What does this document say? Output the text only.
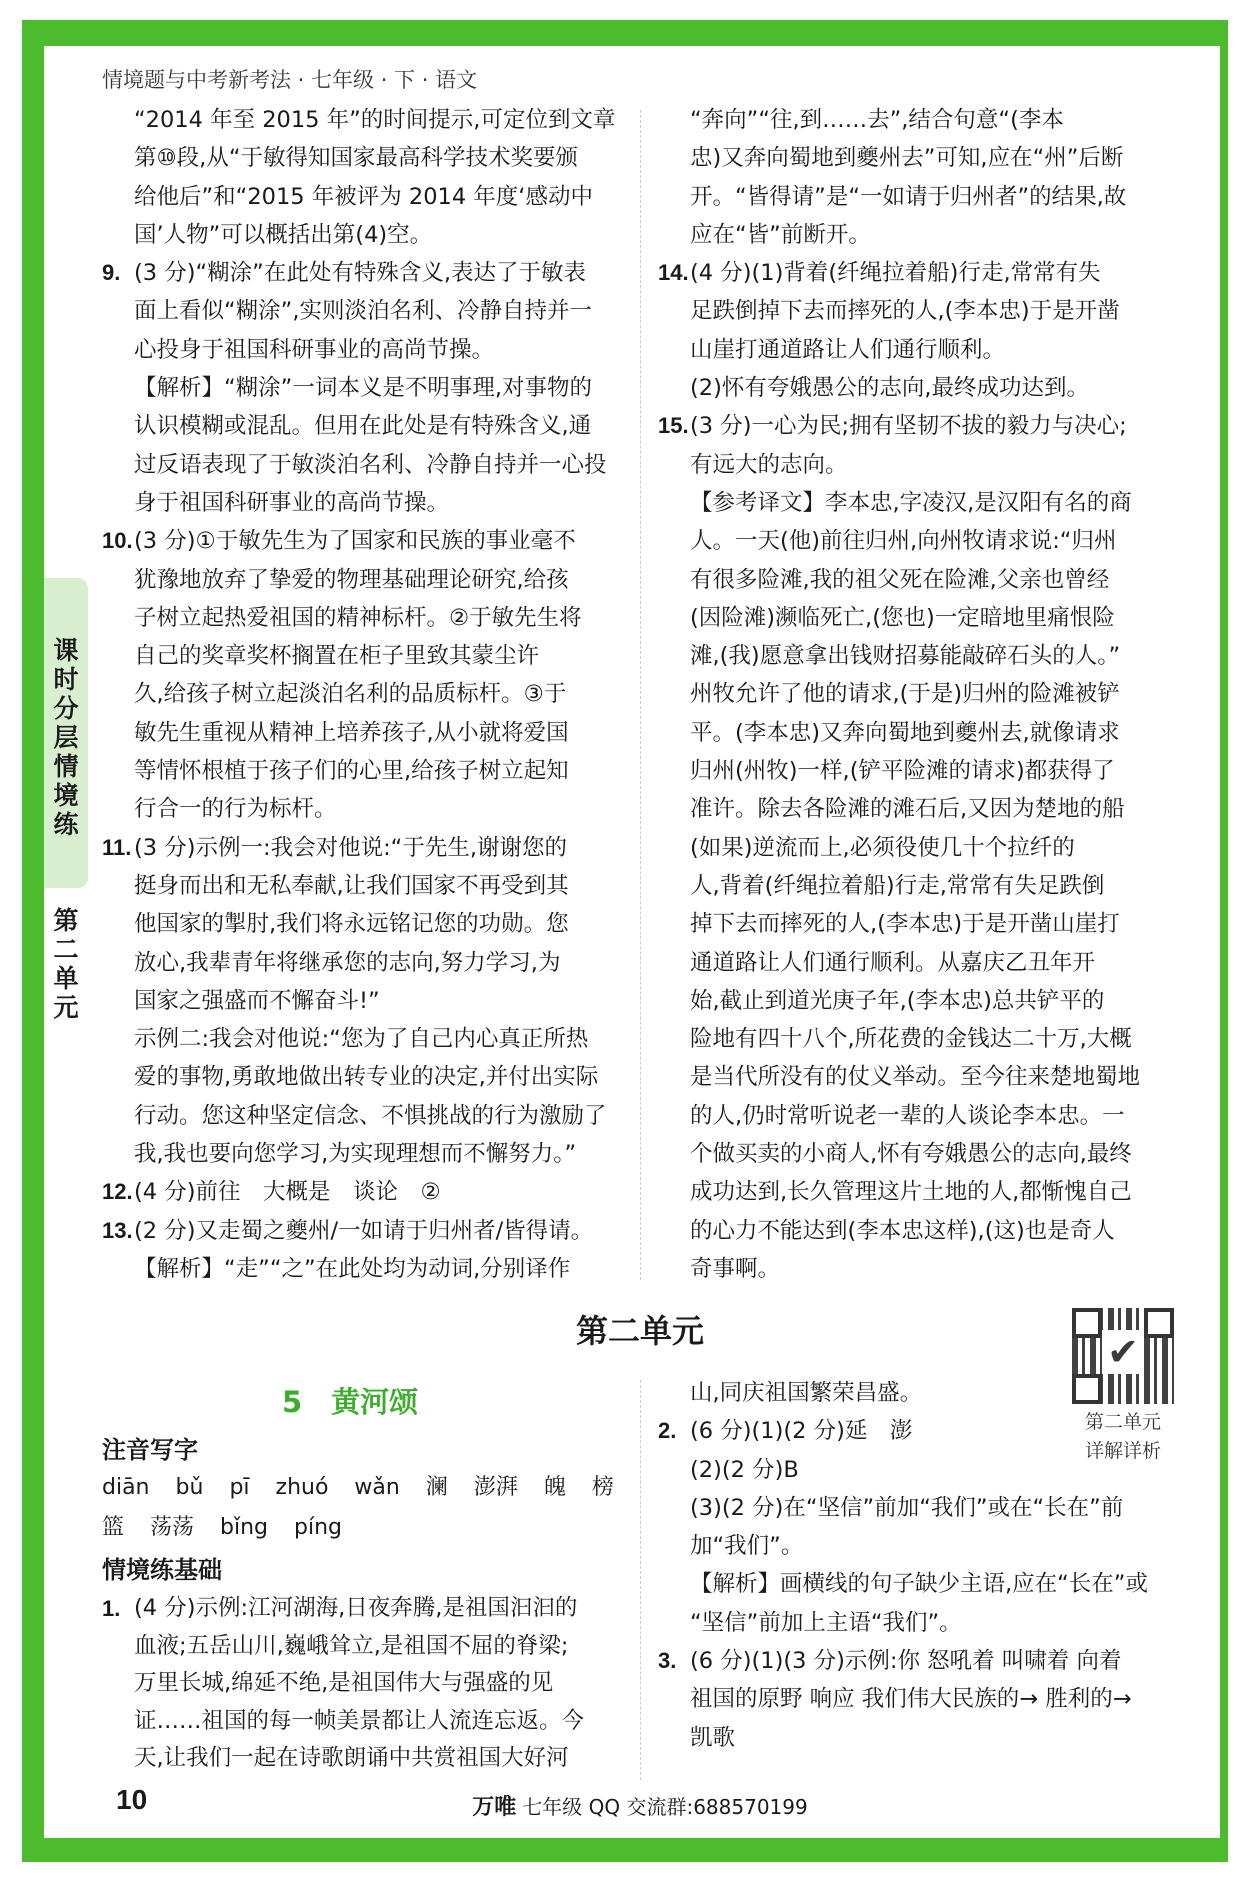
情境题与中考新考法 · 七年级 · 下 · 语文
课
时
分
层
情
境
练
第
二
单
元
“2014 年至 2015 年”的时间提示,可定位到文章
第⑩段,从“于敏得知国家最高科学技术奖要颁
给他后”和“2015 年被评为 2014 年度‘感动中
国’人物”可以概括出第(4)空。
9. (3 分)“糊涂”在此处有特殊含义,表达了于敏表
面上看似“糊涂”,实则淡泊名利、冷静自持并一
心投身于祖国科研事业的高尚节操。
【解析】“糊涂”一词本义是不明事理,对事物的
认识模糊或混乱。但用在此处是有特殊含义,通
过反语表现了于敏淡泊名利、冷静自持并一心投
身于祖国科研事业的高尚节操。
10. (3 分)①于敏先生为了国家和民族的事业毫不
犹豫地放弃了挚爱的物理基础理论研究,给孩
子树立起热爱祖国的精神标杆。②于敏先生将
自己的奖章奖杯搁置在柜子里致其蒙尘许
久,给孩子树立起淡泊名利的品质标杆。③于
敏先生重视从精神上培养孩子,从小就将爱国
等情怀根植于孩子们的心里,给孩子树立起知
行合一的行为标杆。
11. (3 分)示例一:我会对他说:“于先生,谢谢您的
挺身而出和无私奉献,让我们国家不再受到其
他国家的掣肘,我们将永远铭记您的功勋。您
放心,我辈青年将继承您的志向,努力学习,为
国家之强盛而不懈奋斗!”
示例二:我会对他说:“您为了自己内心真正所热
爱的事物,勇敢地做出转专业的决定,并付出实际
行动。您这种坚定信念、不惧挑战的行为激励了
我,我也要向您学习,为实现理想而不懈努力。”
12. (4 分)前往　大概是　谈论　②
13. (2 分)又走蜀之夔州/一如请于归州者/皆得请。
【解析】“走”“之”在此处均为动词,分别译作
“奔向”“往,到……去”,结合句意“(李本
忠)又奔向蜀地到夔州去”可知,应在“州”后断
开。“皆得请”是“一如请于归州者”的结果,故
应在“皆”前断开。
14. (4 分)(1)背着(纤绳拉着船)行走,常常有失
足跌倒掉下去而摔死的人,(李本忠)于是开凿
山崖打通道路让人们通行顺利。
(2)怀有夸娥愚公的志向,最终成功达到。
15. (3 分)一心为民;拥有坚韧不拔的毅力与决心;
有远大的志向。
【参考译文】李本忠,字凌汉,是汉阳有名的商
人。一天(他)前往归州,向州牧请求说:“归州
有很多险滩,我的祖父死在险滩,父亲也曾经
(因险滩)濒临死亡,(您也)一定暗地里痛恨险
滩,(我)愿意拿出钱财招募能敲碎石头的人。”
州牧允许了他的请求,(于是)归州的险滩被铲
平。(李本忠)又奔向蜀地到夔州去,就像请求
归州(州牧)一样,(铲平险滩的请求)都获得了
准许。除去各险滩的滩石后,又因为楚地的船
(如果)逆流而上,必须役使几十个拉纤的
人,背着(纤绳拉着船)行走,常常有失足跌倒
掉下去而摔死的人,(李本忠)于是开凿山崖打
通道路让人们通行顺利。从嘉庆乙丑年开
始,截止到道光庚子年,(李本忠)总共铲平的
险地有四十八个,所花费的金钱达二十万,大概
是当代所没有的仗义举动。至今往来楚地蜀地
的人,仍时常听说老一辈的人谈论李本忠。一
个做买卖的小商人,怀有夸娥愚公的志向,最终
成功达到,长久管理这片土地的人,都惭愧自己
的心力不能达到(李本忠这样),(这)也是奇人
奇事啊。
第二单元	✔
第二单元
详解详析
5　黄河颂
注音写字
diān bǔ pī zhuó wǎn 澜 澎湃 魄 榜
篮 荡荡 bǐng píng
情境练基础
1. (4 分)示例:江河湖海,日夜奔腾,是祖国汩汩的
血液;五岳山川,巍峨耸立,是祖国不屈的脊梁;
万里长城,绵延不绝,是祖国伟大与强盛的见
证……祖国的每一帧美景都让人流连忘返。今
天,让我们一起在诗歌朗诵中共赏祖国大好河
山,同庆祖国繁荣昌盛。
2. (6 分)(1)(2 分)延　澎
(2)(2 分)B
(3)(2 分)在“坚信”前加“我们”或在“长在”前
加“我们”。
【解析】画横线的句子缺少主语,应在“长在”或
“坚信”前加上主语“我们”。
3. (6 分)(1)(3 分)示例:你 怒吼着 叫啸着 向着
祖国的原野 响应 我们伟大民族的→ 胜利的→
凯歌
10	万唯 七年级 QQ 交流群:688570199
